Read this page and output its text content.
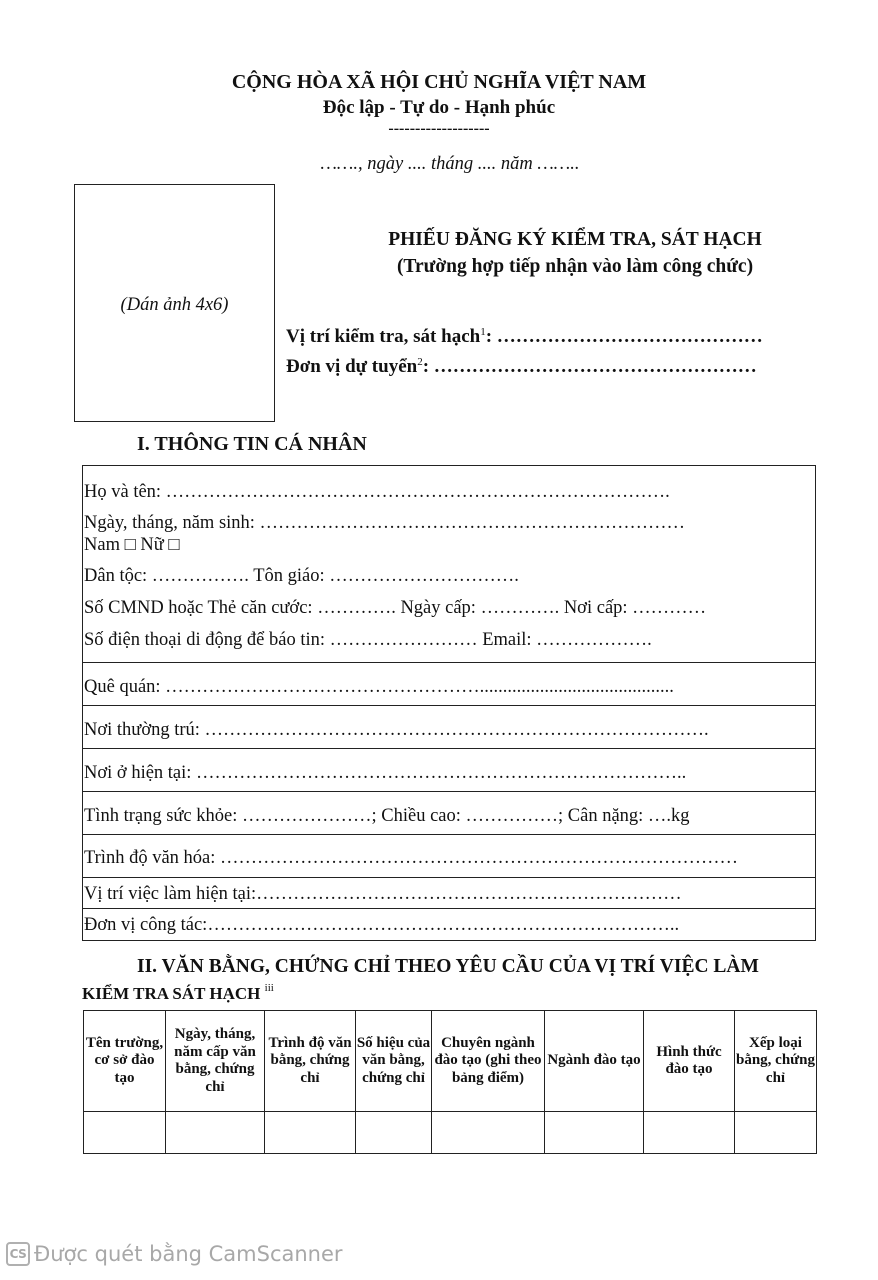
CỘNG HÒA XÃ HỘI CHỦ NGHĨA VIỆT NAM
Độc lập - Tự do - Hạnh phúc
-------------------
……., ngày .... tháng .... năm ……..
(Dán ảnh 4x6)
PHIẾU ĐĂNG KÝ KIỂM TRA, SÁT HẠCH
(Trường hợp tiếp nhận vào làm công chức)
Vị trí kiểm tra, sát hạch$^1$: ……………………………………
Đơn vị dự tuyển$^2$: ……………………………………………
I. THÔNG TIN CÁ NHÂN
Họ và tên: ……………………………………………………………………….
Ngày, tháng, năm sinh: ……………………………………………………………
Nam □ Nữ □
Dân tộc: ……………. Tôn giáo: ………………………….
Số CMND hoặc Thẻ căn cước: …………. Ngày cấp: …………. Nơi cấp: …………
Số điện thoại di động để báo tin: …………………… Email: ……………….
Quê quán: ……………………………………………..........................................
Nơi thường trú: ……………………………………………………………………….
Nơi ở hiện tại: ……………………………………………………………………..
Tình trạng sức khỏe: …………………; Chiều cao: ……………; Cân nặng: ….kg
Trình độ văn hóa: …………………………………………………………………………
Vị trí việc làm hiện tại:……………………………………………………………
Đơn vị công tác:…………………………………………………………………..
II. VĂN BẰNG, CHỨNG CHỈ THEO YÊU CẦU CỦA VỊ TRÍ VIỆC LÀM
KIỂM TRA SÁT HẠCH $^{iii}$
Tên trường, cơ sở đào tạo	Ngày, tháng, năm cấp văn bằng, chứng chỉ	Trình độ văn bằng, chứng chỉ	Số hiệu của văn bằng, chứng chỉ	Chuyên ngành đào tạo (ghi theo bảng điểm)	Ngành đào tạo	Hình thức đào tạo	Xếp loại bằng, chứng chỉ

CS Được quét bằng CamScanner
